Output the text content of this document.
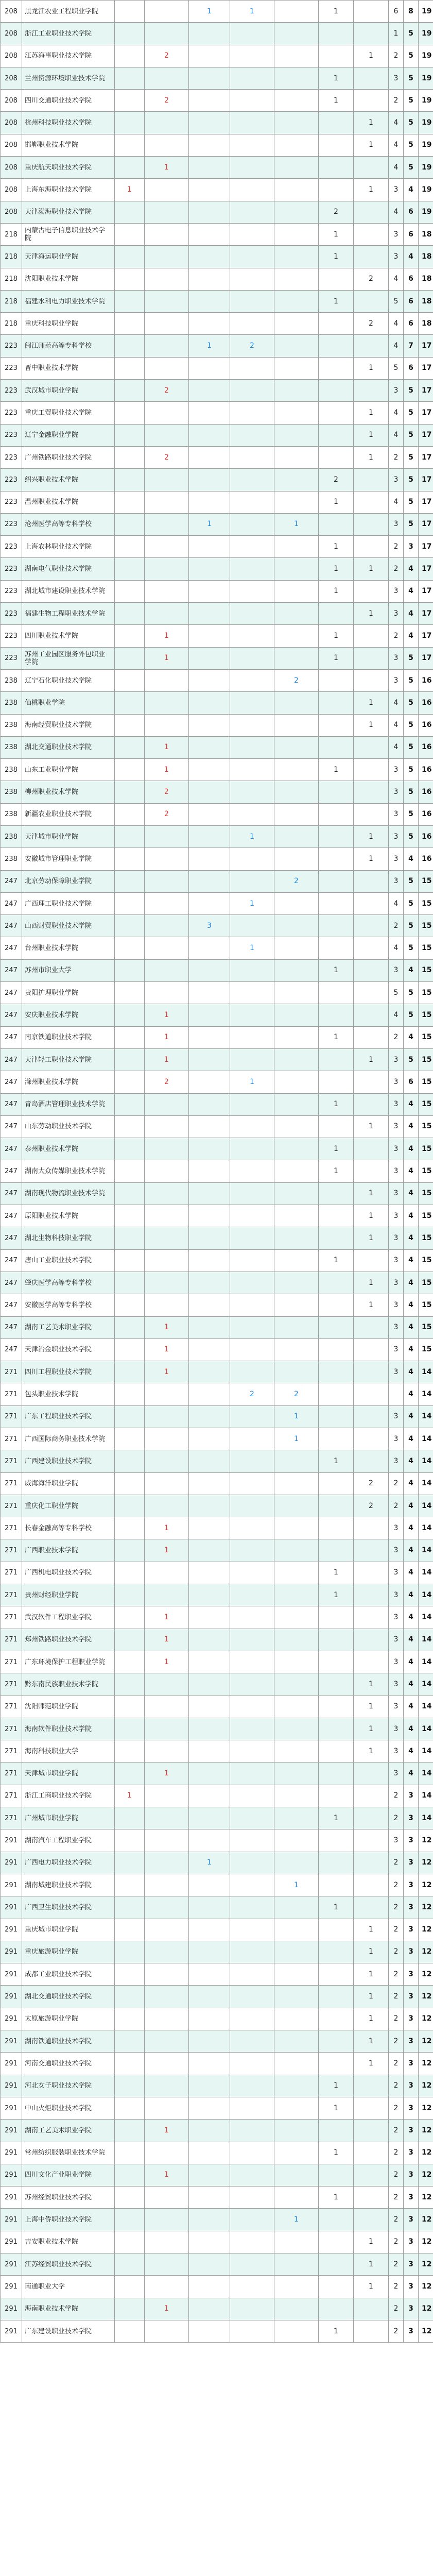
208	黑龙江农业工程职业学院			1	1		1		6	8	19
208	浙江工业职业技术学院								1	5	19
208	江苏海事职业技术学院		2					1	2	5	19
208	兰州资源环境职业技术学院						1		3	5	19
208	四川交通职业技术学院		2				1		2	5	19
208	杭州科技职业技术学院							1	4	5	19
208	邯郸职业技术学院							1	4	5	19
208	重庆航天职业技术学院		1						4	5	19
208	上海东海职业技术学院	1						1	3	4	19
208	天津渤海职业技术学院						2		4	6	19
218	内蒙古电子信息职业技术学院						1		3	6	18
218	天津海运职业学院						1		3	4	18
218	沈阳职业技术学院							2	4	6	18
218	福建水利电力职业技术学院						1		5	6	18
218	重庆科技职业学院							2	4	6	18
223	闽江师范高等专科学校			1	2				4	7	17
223	晋中职业技术学院							1	5	6	17
223	武汉城市职业学院		2						3	5	17
223	重庆工贸职业技术学院							1	4	5	17
223	辽宁金融职业学院							1	4	5	17
223	广州铁路职业技术学院		2					1	2	5	17
223	绍兴职业技术学院						2		3	5	17
223	温州职业技术学院						1		4	5	17
223	沧州医学高等专科学校			1		1			3	5	17
223	上海农林职业技术学院						1		2	3	17
223	湖南电气职业技术学院						1	1	2	4	17
223	湖北城市建设职业技术学院						1		3	4	17
223	福建生物工程职业技术学院							1	3	4	17
223	四川职业技术学院		1				1		2	4	17
223	苏州工业园区服务外包职业学院		1				1		3	5	17
238	辽宁石化职业技术学院					2			3	5	16
238	仙桃职业学院							1	4	5	16
238	海南经贸职业技术学院							1	4	5	16
238	湖北交通职业技术学院		1						4	5	16
238	山东工业职业学院		1				1		3	5	16
238	柳州职业技术学院		2						3	5	16
238	新疆农业职业技术学院		2						3	5	16
238	天津城市职业学院				1			1	3	5	16
238	安徽城市管理职业学院							1	3	4	16
247	北京劳动保障职业学院					2			3	5	15
247	广西理工职业技术学院				1				4	5	15
247	山西财贸职业技术学院			3					2	5	15
247	台州职业技术学院				1				4	5	15
247	苏州市职业大学						1		3	4	15
247	贵阳护理职业学院								5	5	15
247	安庆职业技术学院		1						4	5	15
247	南京铁道职业技术学院		1				1		2	4	15
247	天津轻工职业技术学院		1					1	3	5	15
247	滁州职业技术学院		2		1				3	6	15
247	青岛酒店管理职业技术学院						1		3	4	15
247	山东劳动职业技术学院							1	3	4	15
247	泰州职业技术学院						1		3	4	15
247	湖南大众传媒职业技术学院						1		3	4	15
247	湖南现代物流职业技术学院							1	3	4	15
247	原阳职业技术学院							1	3	4	15
247	湖北生物科技职业学院							1	3	4	15
247	唐山工业职业技术学院						1		3	4	15
247	肇庆医学高等专科学校							1	3	4	15
247	安徽医学高等专科学校							1	3	4	15
247	湖南工艺美术职业学院		1						3	4	15
247	天津冶金职业技术学院		1						3	4	15
271	四川工程职业技术学院		1						3	4	14
271	包头职业技术学院				2	2				4	14
271	广东工程职业技术学院					1			3	4	14
271	广西国际商务职业技术学院					1			3	4	14
271	广西建设职业技术学院						1		3	4	14
271	威海海洋职业学院							2	2	4	14
271	重庆化工职业学院							2	2	4	14
271	长春金融高等专科学校		1						3	4	14
271	广西职业技术学院		1						3	4	14
271	广西机电职业技术学院						1		3	4	14
271	贵州财经职业学院						1		3	4	14
271	武汉软件工程职业学院		1						3	4	14
271	郑州铁路职业技术学院		1						3	4	14
271	广东环境保护工程职业学院		1						3	4	14
271	黔东南民族职业技术学院							1	3	4	14
271	沈阳师范职业学院							1	3	4	14
271	海南软件职业技术学院							1	3	4	14
271	海南科技职业大学							1	3	4	14
271	天津城市职业学院		1						3	4	14
271	浙江工商职业技术学院	1							2	3	14
271	广州城市职业学院						1		2	3	14
291	湖南汽车工程职业学院								3	3	12
291	广西电力职业技术学院			1					2	3	12
291	湖南城建职业技术学院					1			2	3	12
291	广西卫生职业技术学院						1		2	3	12
291	重庆城市职业学院							1	2	3	12
291	重庆旅游职业学院							1	2	3	12
291	成都工业职业技术学院							1	2	3	12
291	湖北交通职业技术学院							1	2	3	12
291	太原旅游职业学院							1	2	3	12
291	湖南铁道职业技术学院							1	2	3	12
291	河南交通职业技术学院							1	2	3	12
291	河北女子职业技术学院						1		2	3	12
291	中山火炬职业技术学院						1		2	3	12
291	湖南工艺美术职业学院		1						2	3	12
291	常州纺织服装职业技术学院						1		2	3	12
291	四川文化产业职业学院		1						2	3	12
291	苏州经贸职业技术学院						1		2	3	12
291	上海中侨职业技术学院					1			2	3	12
291	吉安职业技术学院							1	2	3	12
291	江苏经贸职业技术学院							1	2	3	12
291	南通职业大学							1	2	3	12
291	海南职业技术学院		1						2	3	12
291	广东建设职业技术学院						1		2	3	12
